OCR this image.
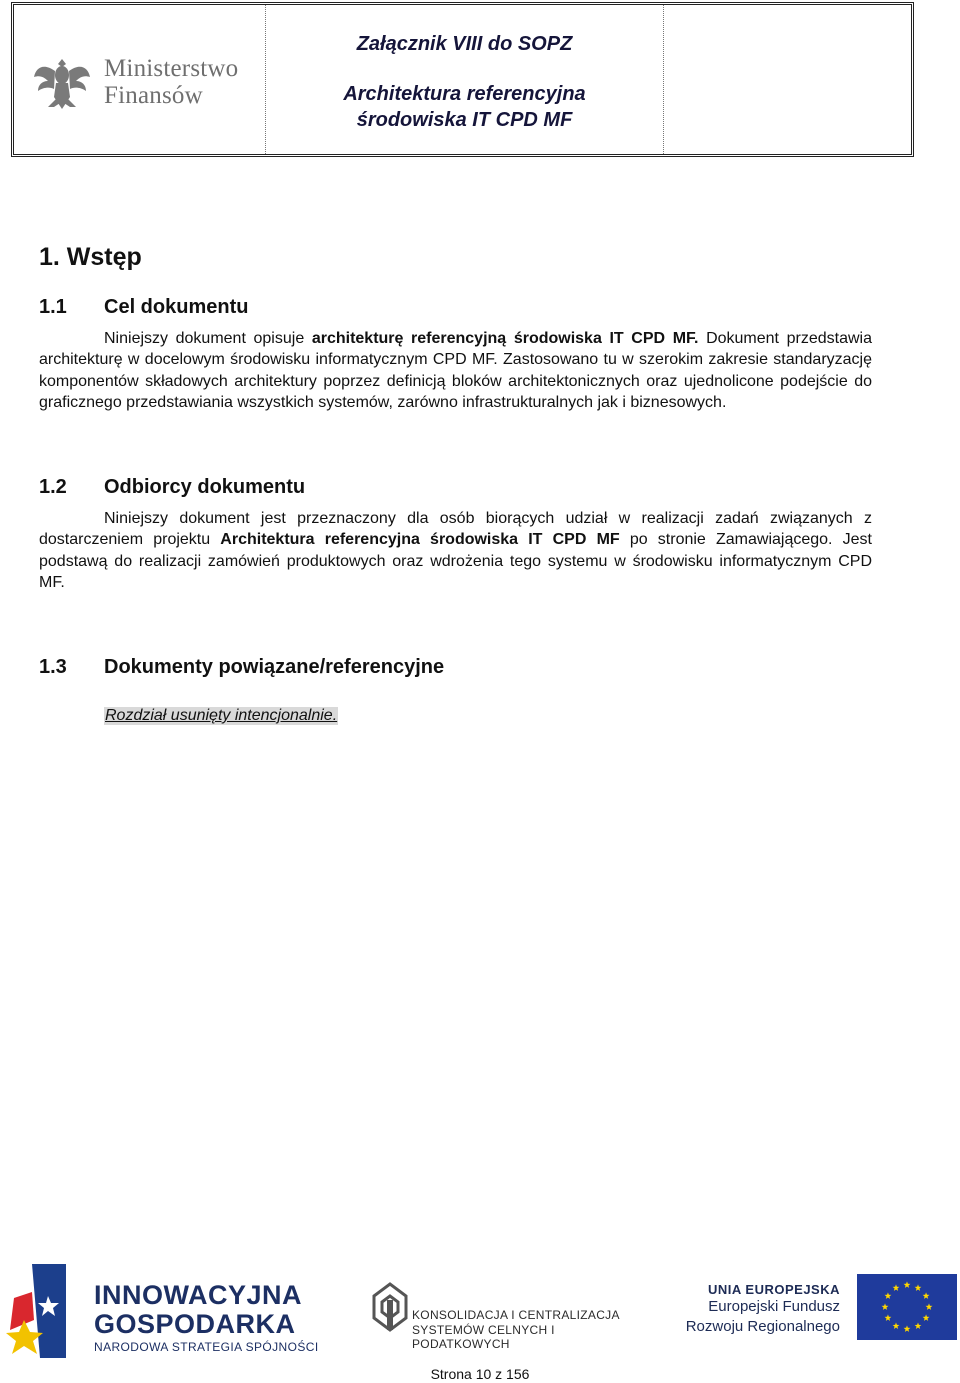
Ministerstwo
Finansów
Załącznik VIII do SOPZ
Architektura referencyjna
środowiska IT CPD MF
1. Wstęp
1.1 Cel dokumentu

Niniejszy dokument opisuje architekturę referencyjną środowiska IT CPD MF. Dokument przedstawia architekturę w docelowym środowisku informatycznym CPD MF. Zastosowano tu w szerokim zakresie standaryzację komponentów składowych architektury poprzez definicją bloków architektonicznych oraz ujednolicone podejście do graficznego przedstawiania wszystkich systemów, zarówno infrastrukturalnych jak i biznesowych.

1.2 Odbiorcy dokumentu

Niniejszy dokument jest przeznaczony dla osób biorących udział w realizacji zadań związanych z dostarczeniem projektu Architektura referencyjna środowiska IT CPD MF po stronie Zamawiającego. Jest podstawą do realizacji zamówień produktowych oraz wdrożenia tego systemu w środowisku informatycznym CPD MF.

1.3 Dokumenty powiązane/referencyjne
Rozdział usunięty intencjonalnie.
INNOWACYJNA
GOSPODARKA
NARODOWA STRATEGIA SPÓJNOŚCI
KONSOLIDACJA I CENTRALIZACJA
SYSTEMÓW CELNYCH I PODATKOWYCH
UNIA EUROPEJSKA
Europejski Fundusz
Rozwoju Regionalnego
Strona 10 z 156
